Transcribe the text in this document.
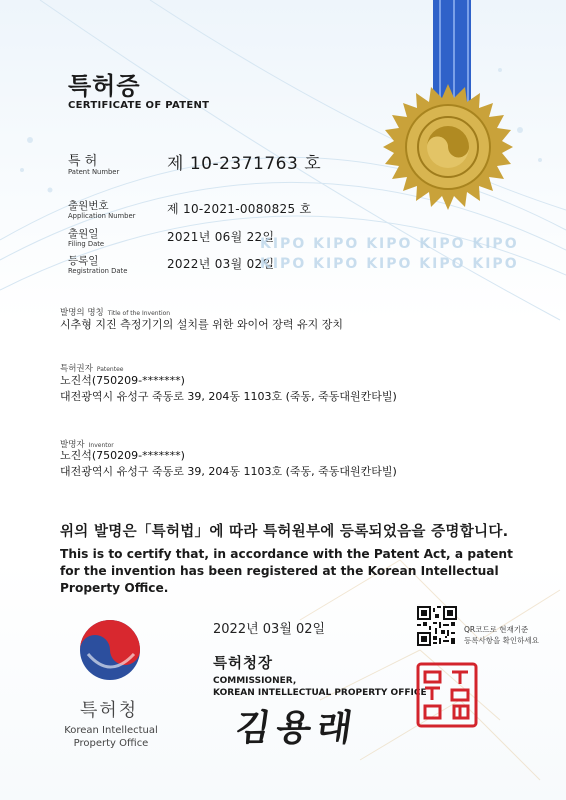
특허증
CERTIFICATE OF PATENT
특 허
Patent Number	제 10-2371763 호
출원번호
Application Number	제 10-2021-0080825 호
출원일
Filing Date	2021년 06월 22일
등록일
Registration Date	2022년 03월 02일
KIPO KIPO KIPO KIPO KIPO
KIPO KIPO KIPO KIPO KIPO
발명의 명칭 Title of the Invention
시추형 지진 측정기기의 설치를 위한 와이어 장력 유지 장치
특허권자 Patentee
노진석(750209-*******)
대전광역시 유성구 죽동로 39, 204동 1103호 (죽동, 죽동대원칸타빌)
발명자 Inventor
노진석(750209-*******)
대전광역시 유성구 죽동로 39, 204동 1103호 (죽동, 죽동대원칸타빌)
위의 발명은「특허법」에 따라 특허원부에 등록되었음을 증명합니다.
This is to certify that, in accordance with the Patent Act, a patent for the invention has been registered at the Korean Intellectual Property Office.
특허청
Korean Intellectual
Property Office
2022년 03월 02일
특허청장
COMMISSIONER,
KOREAN INTELLECTUAL PROPERTY OFFICE
김용래
QR코드로 현재기준
등록사항을 확인하세요
